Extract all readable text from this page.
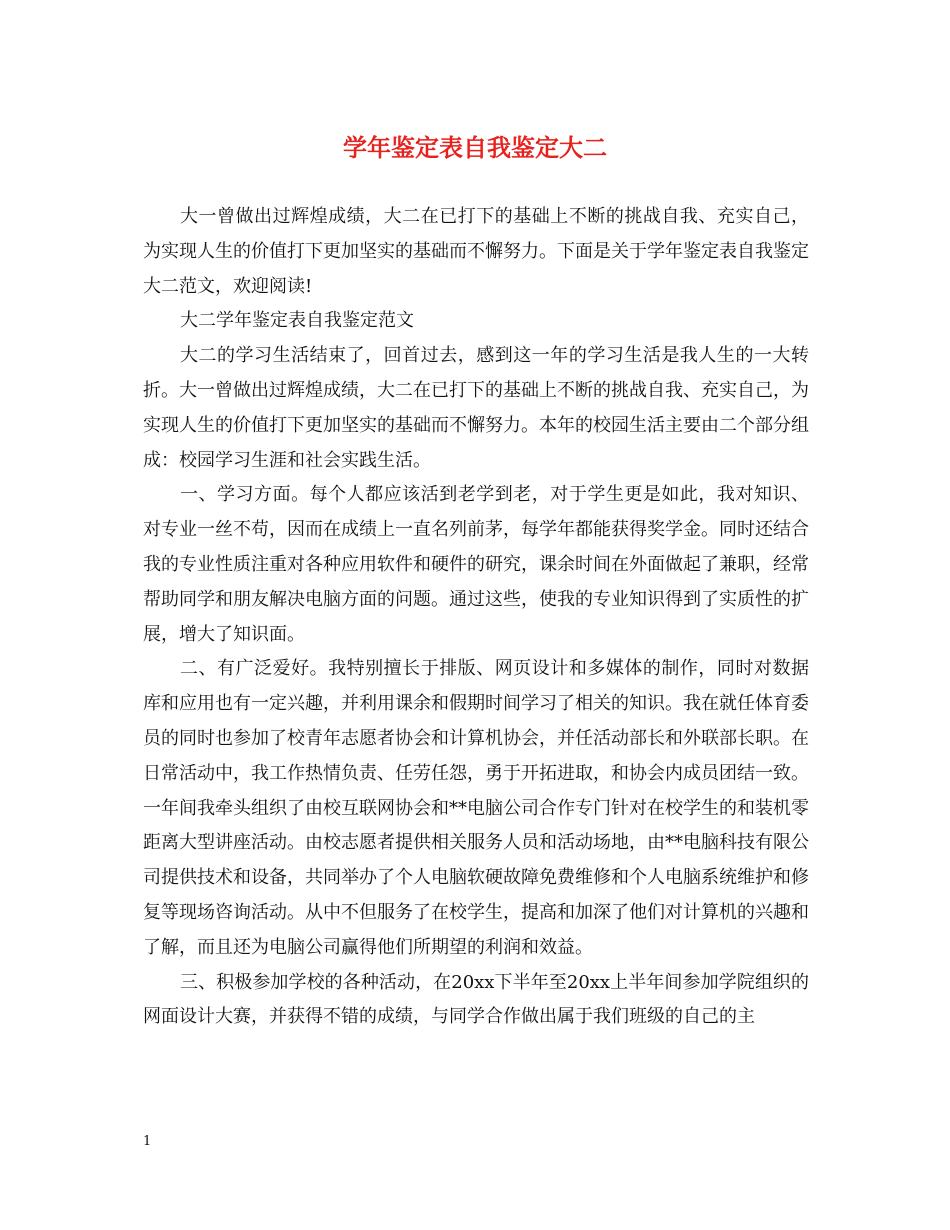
学年鉴定表自我鉴定大二

大一曾做出过辉煌成绩，大二在已打下的基础上不断的挑战自我、充实自己，为实现人生的价值打下更加坚实的基础而不懈努力。下面是关于学年鉴定表自我鉴定大二范文，欢迎阅读!

大二学年鉴定表自我鉴定范文

大二的学习生活结束了，回首过去，感到这一年的学习生活是我人生的一大转折。大一曾做出过辉煌成绩，大二在已打下的基础上不断的挑战自我、充实自己，为实现人生的价值打下更加坚实的基础而不懈努力。本年的校园生活主要由二个部分组成：校园学习生涯和社会实践生活。

一、学习方面。每个人都应该活到老学到老，对于学生更是如此，我对知识、对专业一丝不苟，因而在成绩上一直名列前茅，每学年都能获得奖学金。同时还结合我的专业性质注重对各种应用软件和硬件的研究，课余时间在外面做起了兼职，经常帮助同学和朋友解决电脑方面的问题。通过这些，使我的专业知识得到了实质性的扩展，增大了知识面。

二、有广泛爱好。我特别擅长于排版、网页设计和多媒体的制作，同时对数据库和应用也有一定兴趣，并利用课余和假期时间学习了相关的知识。我在就任体育委员的同时也参加了校青年志愿者协会和计算机协会，并任活动部长和外联部长职。在日常活动中，我工作热情负责、任劳任怨，勇于开拓进取，和协会内成员团结一致。一年间我牵头组织了由校互联网协会和**电脑公司合作专门针对在校学生的和装机零距离大型讲座活动。由校志愿者提供相关服务人员和活动场地，由**电脑科技有限公司提供技术和设备，共同举办了个人电脑软硬故障免费维修和个人电脑系统维护和修复等现场咨询活动。从中不但服务了在校学生，提高和加深了他们对计算机的兴趣和了解，而且还为电脑公司赢得他们所期望的利润和效益。

三、积极参加学校的各种活动，在20xx下半年至20xx上半年间参加学院组织的网面设计大赛，并获得不错的成绩，与同学合作做出属于我们班级的自己的主

1
